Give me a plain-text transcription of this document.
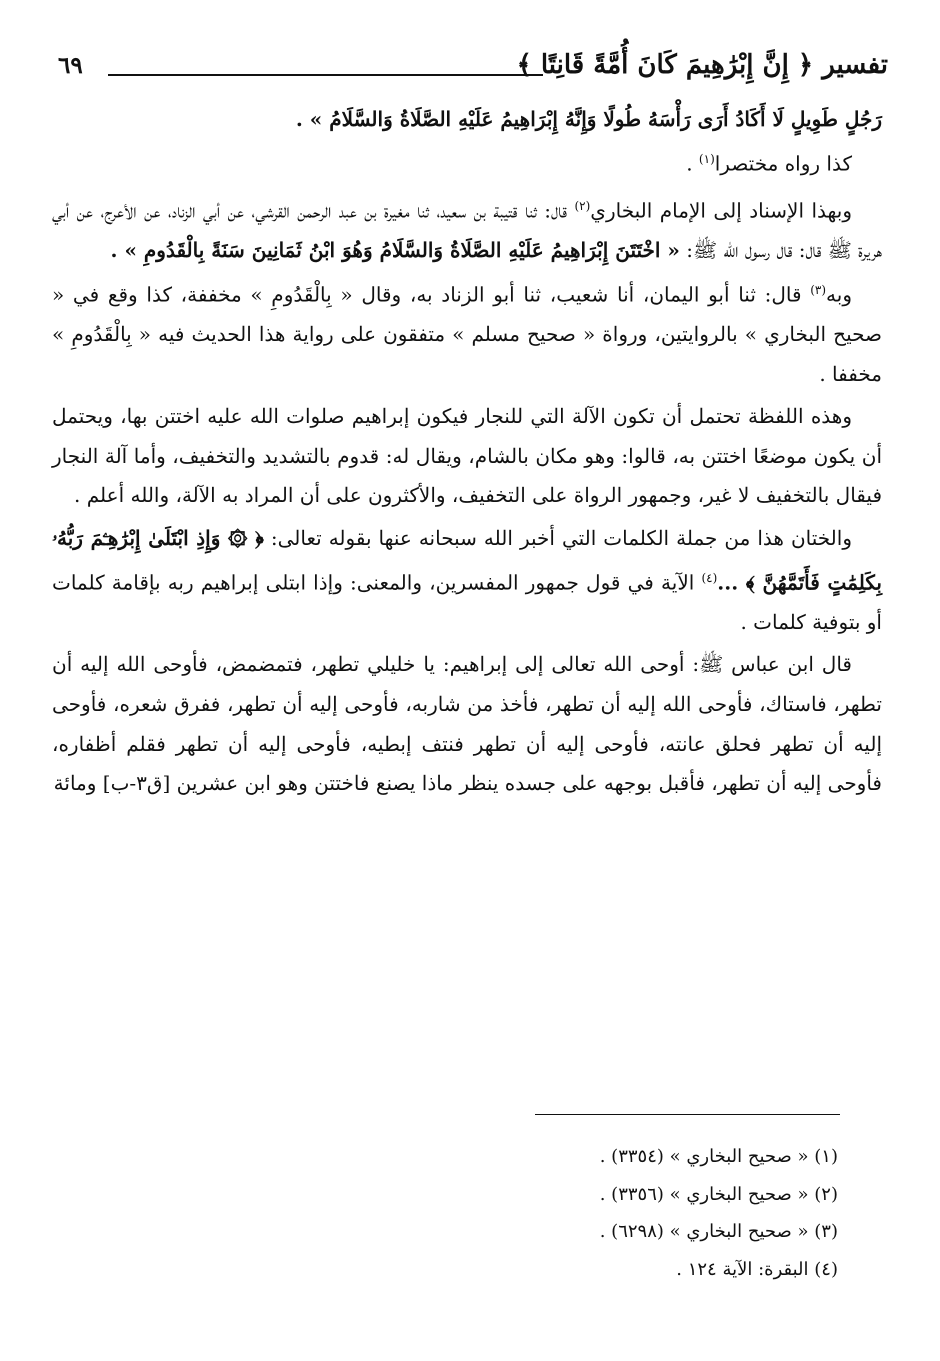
تفسير ﴿ إِنَّ إِبْرَٰهِيمَ كَانَ أُمَّةً قَانِتًا ﴾
٦٩

رَجُلٍ طَوِيلٍ لَا أَكَادُ أَرَى رَأْسَهُ طُولًا وَإِنَّهُ إِبْرَاهِيمُ عَلَيْهِ الصَّلَاةُ وَالسَّلَامُ » .

كذا رواه مختصرا$^{(١)}$ .

وبهذا الإسناد إلى الإمام البخاري$^{(٢)}$ قال: ثنا قتيبة بن سعيد، ثنا مغيرة بن عبد الرحمن القرشي، عن أبي الزناد، عن الأعرج، عن أبي هريرة ﷺ قال: قال رسول الله ﷺ: « اخْتَتَنَ إِبْرَاهِيمُ عَلَيْهِ الصَّلَاةُ وَالسَّلَامُ وَهُوَ ابْنُ ثَمَانِينَ سَنَةً بِالْقَدُومِ » .

وبه$^{(٣)}$ قال: ثنا أبو اليمان، أنا شعيب، ثنا أبو الزناد به، وقال « بِالْقَدُومِ » مخففة، كذا وقع في « صحيح البخاري » بالروايتين، ورواة « صحيح مسلم » متفقون على رواية هذا الحديث فيه « بِالْقَدُومِ » مخففا .

وهذه اللفظة تحتمل أن تكون الآلة التي للنجار فيكون إبراهيم صلوات الله عليه اختتن بها، ويحتمل أن يكون موضعًا اختتن به، قالوا: وهو مكان بالشام، ويقال له: قدوم بالتشديد والتخفيف، وأما آلة النجار فيقال بالتخفيف لا غير، وجمهور الرواة على التخفيف، والأكثرون على أن المراد به الآلة، والله أعلم .

والختان هذا من جملة الكلمات التي أخبر الله سبحانه عنها بقوله تعالى: ﴿ ۞ وَإِذِ ابْتَلَىٰ إِبْرَٰهِـۧمَ رَبُّهُۥ بِكَلِمَٰتٍ فَأَتَمَّهُنَّ ﴾ ...$^{(٤)}$ الآية في قول جمهور المفسرين، والمعنى: وإذا ابتلى إبراهيم ربه بإقامة كلمات أو بتوفية كلمات .

قال ابن عباس ﷺ: أوحى الله تعالى إلى إبراهيم: يا خليلي تطهر، فتمضمض، فأوحى الله إليه أن تطهر، فاستاك، فأوحى الله إليه أن تطهر، فأخذ من شاربه، فأوحى إليه أن تطهر، ففرق شعره، فأوحى إليه أن تطهر فحلق عانته، فأوحى إليه أن تطهر فنتف إبطيه، فأوحى إليه أن تطهر فقلم أظفاره، فأوحى إليه أن تطهر، فأقبل بوجهه على جسده ينظر ماذا يصنع فاختتن وهو ابن عشرين [ق٣-ب] ومائة

(١) « صحيح البخاري » (٣٣٥٤) .

(٢) « صحيح البخاري » (٣٣٥٦) .

(٣) « صحيح البخاري » (٦٢٩٨) .

(٤) البقرة: الآية ١٢٤ .
